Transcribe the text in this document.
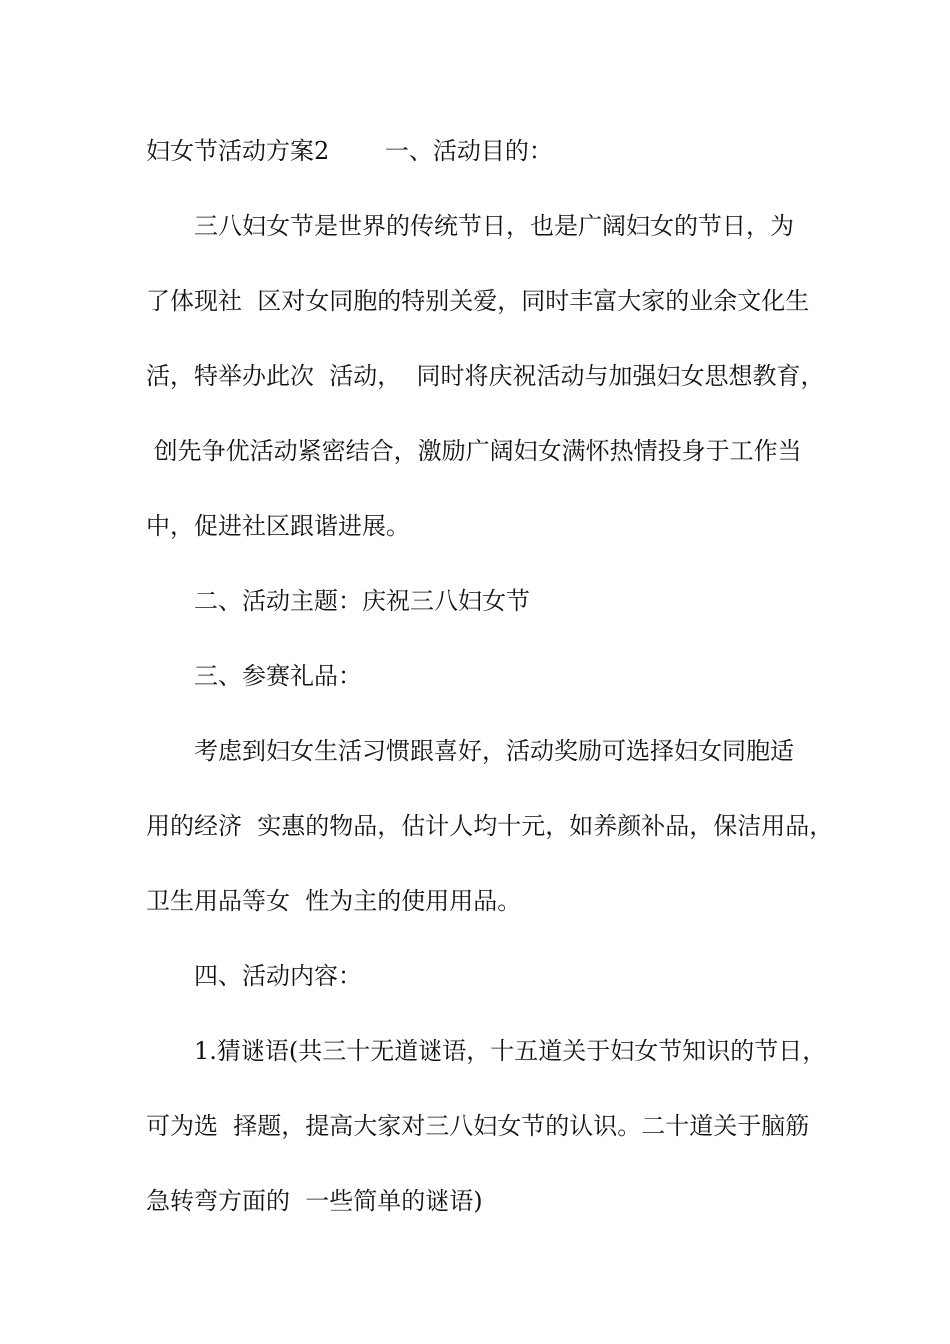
妇女节活动方案2　　 一、活动目的：
三八妇女节是世界的传统节日，也是广阔妇女的节日，为
了体现社  区对女同胞的特别关爱，同时丰富大家的业余文化生
活，特举办此次  活动，  同时将庆祝活动与加强妇女思想教育，
创先争优活动紧密结合，激励广阔妇女满怀热情投身于工作当
中，促进社区跟谐进展。
二、活动主题：庆祝三八妇女节
三、参赛礼品：
考虑到妇女生活习惯跟喜好，活动奖励可选择妇女同胞适
用的经济  实惠的物品，估计人均十元，如养颜补品，保洁用品，
卫生用品等女  性为主的使用用品。
四、活动内容：
1.猜谜语(共三十无道谜语，十五道关于妇女节知识的节日，
可为选  择题，提高大家对三八妇女节的认识。二十道关于脑筋
急转弯方面的  一些简单的谜语)
